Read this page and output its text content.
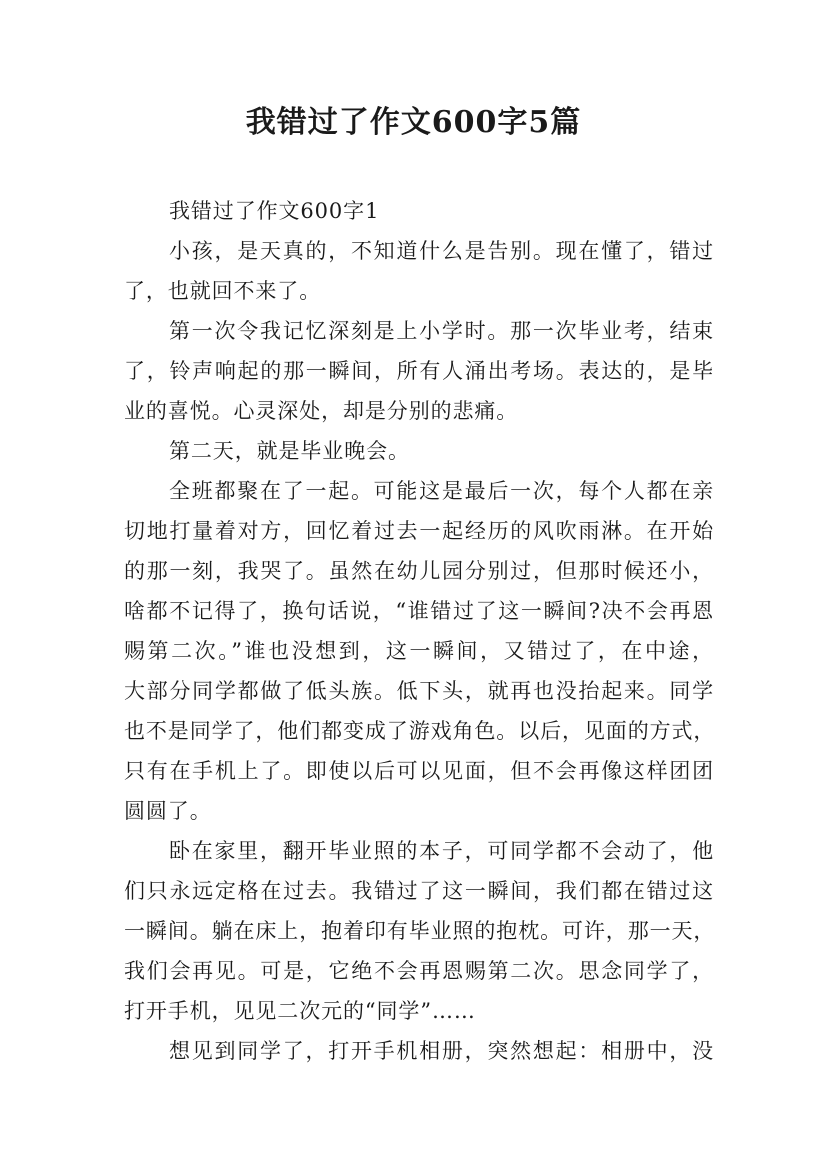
我错过了作文600字5篇
我错过了作文600字1
小孩，是天真的，不知道什么是告别。现在懂了，错过
了，也就回不来了。
第一次令我记忆深刻是上小学时。那一次毕业考，结束
了，铃声响起的那一瞬间，所有人涌出考场。表达的，是毕
业的喜悦。心灵深处，却是分别的悲痛。
第二天，就是毕业晚会。
全班都聚在了一起。可能这是最后一次，每个人都在亲
切地打量着对方，回忆着过去一起经历的风吹雨淋。在开始
的那一刻，我哭了。虽然在幼儿园分别过，但那时候还小，
啥都不记得了，换句话说，“谁错过了这一瞬间?决不会再恩
赐第二次。”谁也没想到，这一瞬间，又错过了，在中途，
大部分同学都做了低头族。低下头，就再也没抬起来。同学
也不是同学了，他们都变成了游戏角色。以后，见面的方式，
只有在手机上了。即使以后可以见面，但不会再像这样团团
圆圆了。
卧在家里，翻开毕业照的本子，可同学都不会动了，他
们只永远定格在过去。我错过了这一瞬间，我们都在错过这
一瞬间。躺在床上，抱着印有毕业照的抱枕。可许，那一天，
我们会再见。可是，它绝不会再恩赐第二次。思念同学了，
打开手机，见见二次元的“同学”……
想见到同学了，打开手机相册，突然想起：相册中，没
